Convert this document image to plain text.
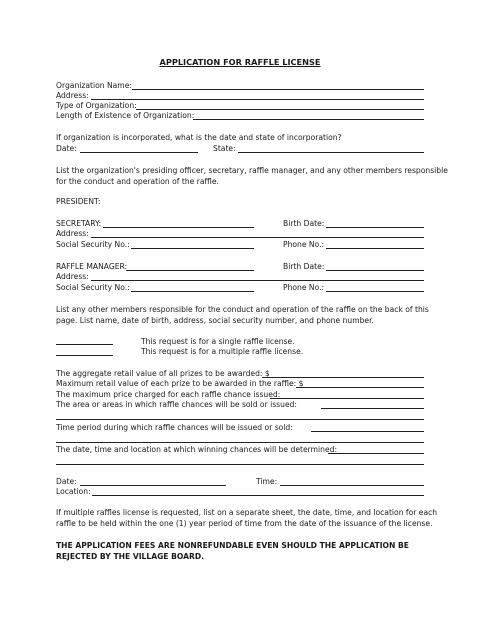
APPLICATION FOR RAFFLE LICENSE
Organization Name:
Address:
Type of Organization:
Length of Existence of Organization:
If organization is incorporated, what is the date and state of incorporation?
Date:	State:
List the organization's presiding officer, secretary, raffle manager, and any other members responsible
for the conduct and operation of the raffle.
PRESIDENT:
SECRETARY:	Birth Date:
Address:
Social Security No.:	Phone No.:
RAFFLE MANAGER:	Birth Date:
Address:
Social Security No.:	Phone No.:
List any other members responsible for the conduct and operation of the raffle on the back of this
page. List name, date of birth, address, social security number, and phone number.
This request is for a single raffle license.
This request is for a multiple raffle license.
The aggregate retail value of all prizes to be awarded: $
Maximum retail value of each prize to be awarded in the raffle: $
The maximum price charged for each raffle chance issued:
The area or areas in which raffle chances will be sold or issued:
Time period during which raffle chances will be issued or sold:
The date, time and location at which winning chances will be determined:
Date:	Time:
Location:
If multiple raffles license is requested, list on a separate sheet, the date, time, and location for each
raffle to be held within the one (1) year period of time from the date of the issuance of the license.
THE APPLICATION FEES ARE NONREFUNDABLE EVEN SHOULD THE APPLICATION BE
REJECTED BY THE VILLAGE BOARD.
